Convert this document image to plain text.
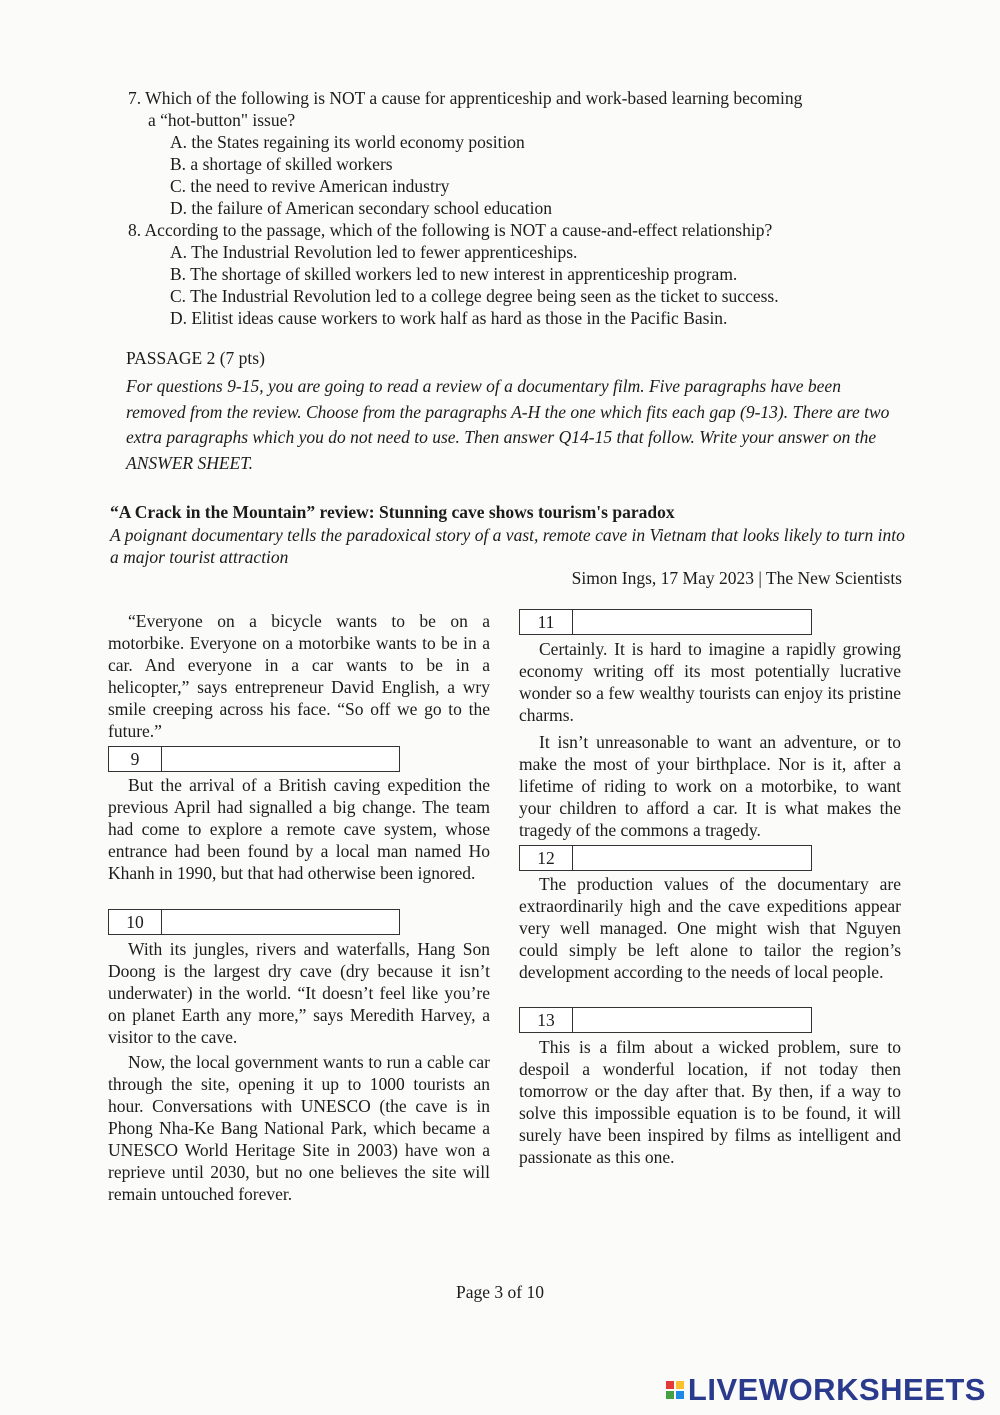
7. Which of the following is NOT a cause for apprenticeship and work-based learning becoming
a “hot-button" issue?
A. the States regaining its world economy position
B. a shortage of skilled workers
C. the need to revive American industry
D. the failure of American secondary school education
8. According to the passage, which of the following is NOT a cause-and-effect relationship?
A. The Industrial Revolution led to fewer apprenticeships.
B. The shortage of skilled workers led to new interest in apprenticeship program.
C. The Industrial Revolution led to a college degree being seen as the ticket to success.
D. Elitist ideas cause workers to work half as hard as those in the Pacific Basin.
PASSAGE 2 (7 pts)
For questions 9-15, you are going to read a review of a documentary film. Five paragraphs have been removed from the review. Choose from the paragraphs A-H the one which fits each gap (9-13). There are two extra paragraphs which you do not need to use. Then answer Q14-15 that follow. Write your answer on the ANSWER SHEET.
“A Crack in the Mountain” review: Stunning cave shows tourism's paradox
A poignant documentary tells the paradoxical story of a vast, remote cave in Vietnam that looks likely to turn into a major tourist attraction
Simon Ings, 17 May 2023 | The New Scientists
“Everyone on a bicycle wants to be on a motorbike. Everyone on a motorbike wants to be in a car. And everyone in a car wants to be in a helicopter,” says entrepreneur David English, a wry smile creeping across his face. “So off we go to the future.”
9
But the arrival of a British caving expedition the previous April had signalled a big change. The team had come to explore a remote cave system, whose entrance had been found by a local man named Ho Khanh in 1990, but that had otherwise been ignored.
10
With its jungles, rivers and waterfalls, Hang Son Doong is the largest dry cave (dry because it isn’t underwater) in the world. “It doesn’t feel like you’re on planet Earth any more,” says Meredith Harvey, a visitor to the cave.
Now, the local government wants to run a cable car through the site, opening it up to 1000 tourists an hour. Conversations with UNESCO (the cave is in Phong Nha-Ke Bang National Park, which became a UNESCO World Heritage Site in 2003) have won a reprieve until 2030, but no one believes the site will remain untouched forever.
11
Certainly. It is hard to imagine a rapidly growing economy writing off its most potentially lucrative wonder so a few wealthy tourists can enjoy its pristine charms.
It isn’t unreasonable to want an adventure, or to make the most of your birthplace. Nor is it, after a lifetime of riding to work on a motorbike, to want your children to afford a car. It is what makes the tragedy of the commons a tragedy.
12
The production values of the documentary are extraordinarily high and the cave expeditions appear very well managed. One might wish that Nguyen could simply be left alone to tailor the region’s development according to the needs of local people.
13
This is a film about a wicked problem, sure to despoil a wonderful location, if not today then tomorrow or the day after that. By then, if a way to solve this impossible equation is to be found, it will surely have been inspired by films as intelligent and passionate as this one.
Page 3 of 10
LIVEWORKSHEETS
